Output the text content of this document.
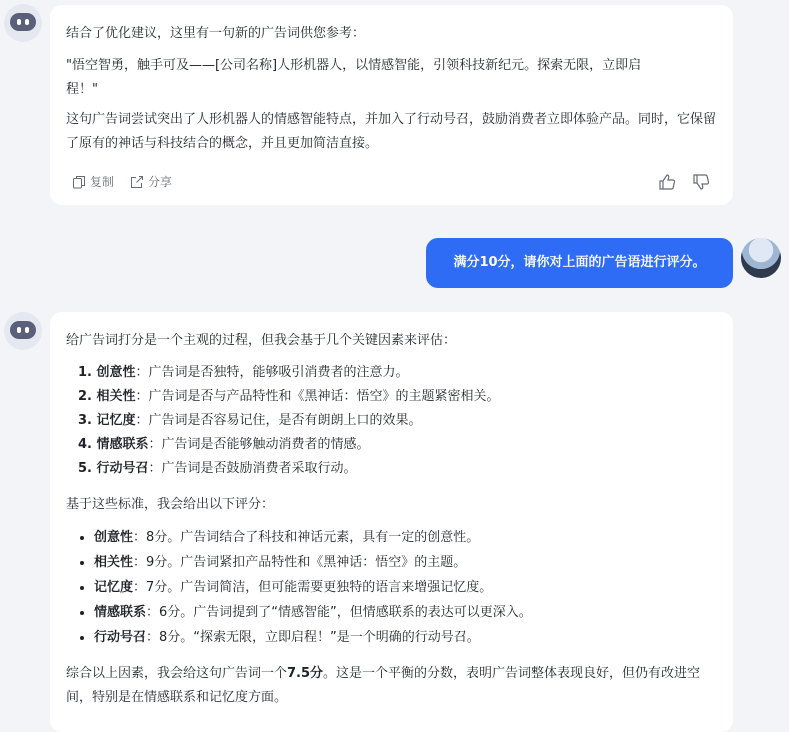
结合了优化建议，这里有一句新的广告词供您参考：

"悟空智勇，触手可及——[公司名称]人形机器人，以情感智能，引领科技新纪元。探索无限，立即启
程！"

这句广告词尝试突出了人形机器人的情感智能特点，并加入了行动号召，鼓励消费者立即体验产品。同时，它保留了原有的神话与科技结合的概念，并且更加简洁直接。

复制	分享
满分10分，请你对上面的广告语进行评分。

给广告词打分是一个主观的过程，但我会基于几个关键因素来评估：

1. 创意性：广告词是否独特，能够吸引消费者的注意力。
2. 相关性：广告词是否与产品特性和《黑神话：悟空》的主题紧密相关。
3. 记忆度：广告词是否容易记住，是否有朗朗上口的效果。
4. 情感联系：广告词是否能够触动消费者的情感。
5. 行动号召：广告词是否鼓励消费者采取行动。

基于这些标准，我会给出以下评分：

• 创意性：8分。广告词结合了科技和神话元素，具有一定的创意性。
• 相关性：9分。广告词紧扣产品特性和《黑神话：悟空》的主题。
• 记忆度：7分。广告词简洁，但可能需要更独特的语言来增强记忆度。
• 情感联系：6分。广告词提到了“情感智能”，但情感联系的表达可以更深入。
• 行动号召：8分。“探索无限，立即启程！”是一个明确的行动号召。

综合以上因素，我会给这句广告词一个7.5分。这是一个平衡的分数，表明广告词整体表现良好，但仍有改进空间，特别是在情感联系和记忆度方面。
